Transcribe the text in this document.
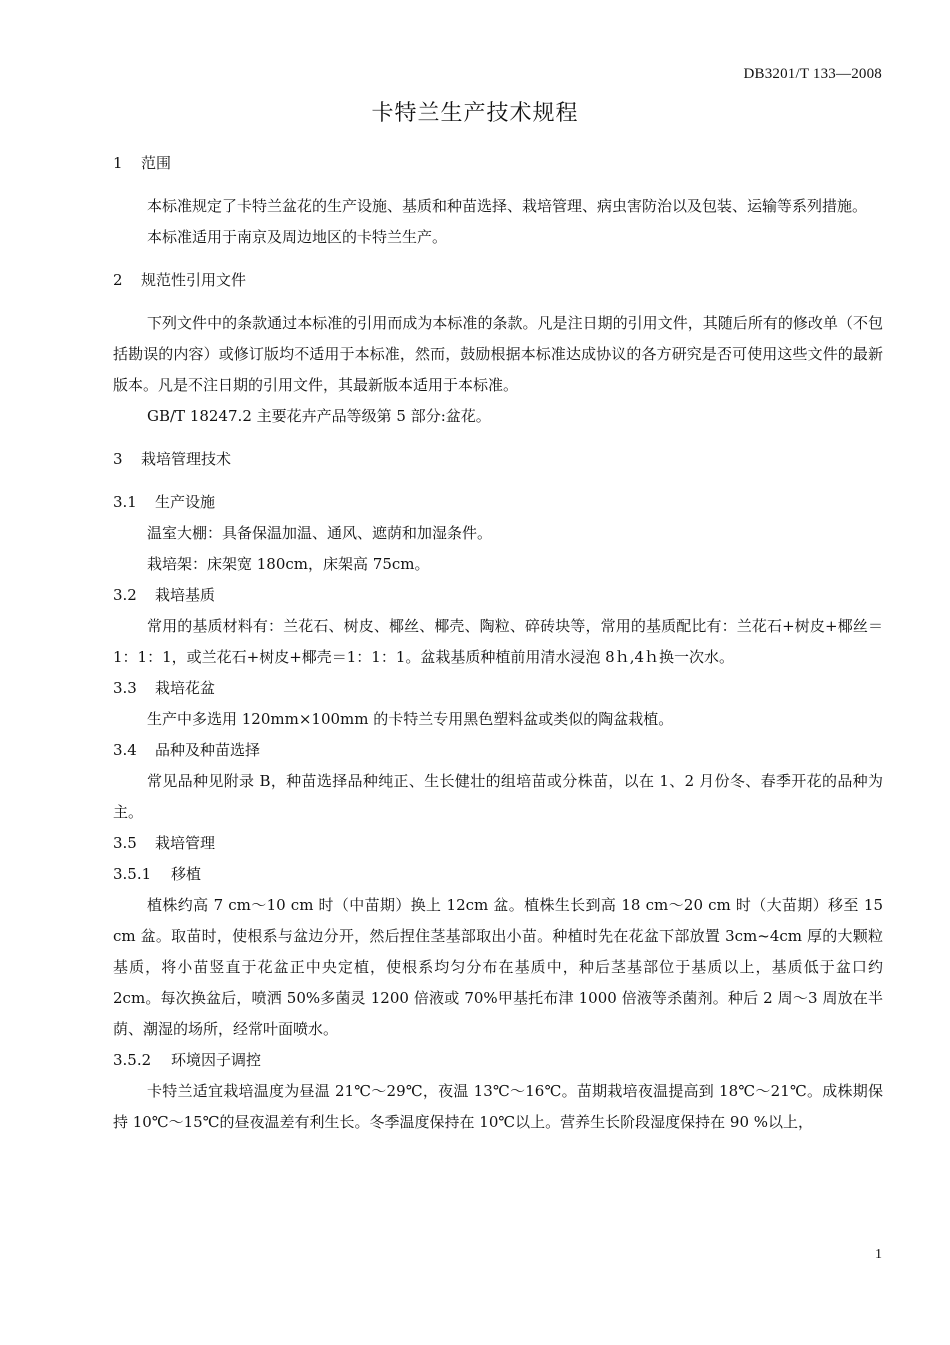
DB3201/T 133—2008
卡特兰生产技术规程
1 范围

本标准规定了卡特兰盆花的生产设施、基质和种苗选择、栽培管理、病虫害防治以及包装、运输等系列措施。

本标准适用于南京及周边地区的卡特兰生产。

2 规范性引用文件

下列文件中的条款通过本标准的引用而成为本标准的条款。凡是注日期的引用文件，其随后所有的修改单（不包括勘误的内容）或修订版均不适用于本标准，然而，鼓励根据本标准达成协议的各方研究是否可使用这些文件的最新版本。凡是不注日期的引用文件，其最新版本适用于本标准。

GB/T 18247.2 主要花卉产品等级第 5 部分:盆花。

3 栽培管理技术
3.1 生产设施

温室大棚：具备保温加温、通风、遮荫和加湿条件。

栽培架：床架宽 180cm，床架高 75cm。

3.2 栽培基质

常用的基质材料有：兰花石、树皮、椰丝、椰壳、陶粒、碎砖块等，常用的基质配比有：兰花石+树皮+椰丝＝1：1：1，或兰花石+树皮+椰壳＝1：1：1。盆栽基质种植前用清水浸泡 8ｈ,4ｈ换一次水。

3.3 栽培花盆

生产中多选用 120mm×100mm 的卡特兰专用黑色塑料盆或类似的陶盆栽植。

3.4 品种及种苗选择

常见品种见附录 B，种苗选择品种纯正、生长健壮的组培苗或分株苗，以在 1、2 月份冬、春季开花的品种为主。

3.5 栽培管理
3.5.1 移植

植株约高 7 cm～10 cm 时（中苗期）换上 12cm 盆。植株生长到高 18 cm～20 cm 时（大苗期）移至 15 cm 盆。取苗时，使根系与盆边分开，然后捏住茎基部取出小苗。种植时先在花盆下部放置 3cm~4cm 厚的大颗粒基质，将小苗竖直于花盆正中央定植，使根系均匀分布在基质中，种后茎基部位于基质以上，基质低于盆口约 2cm。每次换盆后，喷洒 50%多菌灵 1200 倍液或 70%甲基托布津 1000 倍液等杀菌剂。种后 2 周～3 周放在半荫、潮湿的场所，经常叶面喷水。

3.5.2 环境因子调控

卡特兰适宜栽培温度为昼温 21℃～29℃，夜温 13℃～16℃。苗期栽培夜温提高到 18℃～21℃。成株期保持 10℃～15℃的昼夜温差有利生长。冬季温度保持在 10℃以上。营养生长阶段湿度保持在 90 %以上，

1
